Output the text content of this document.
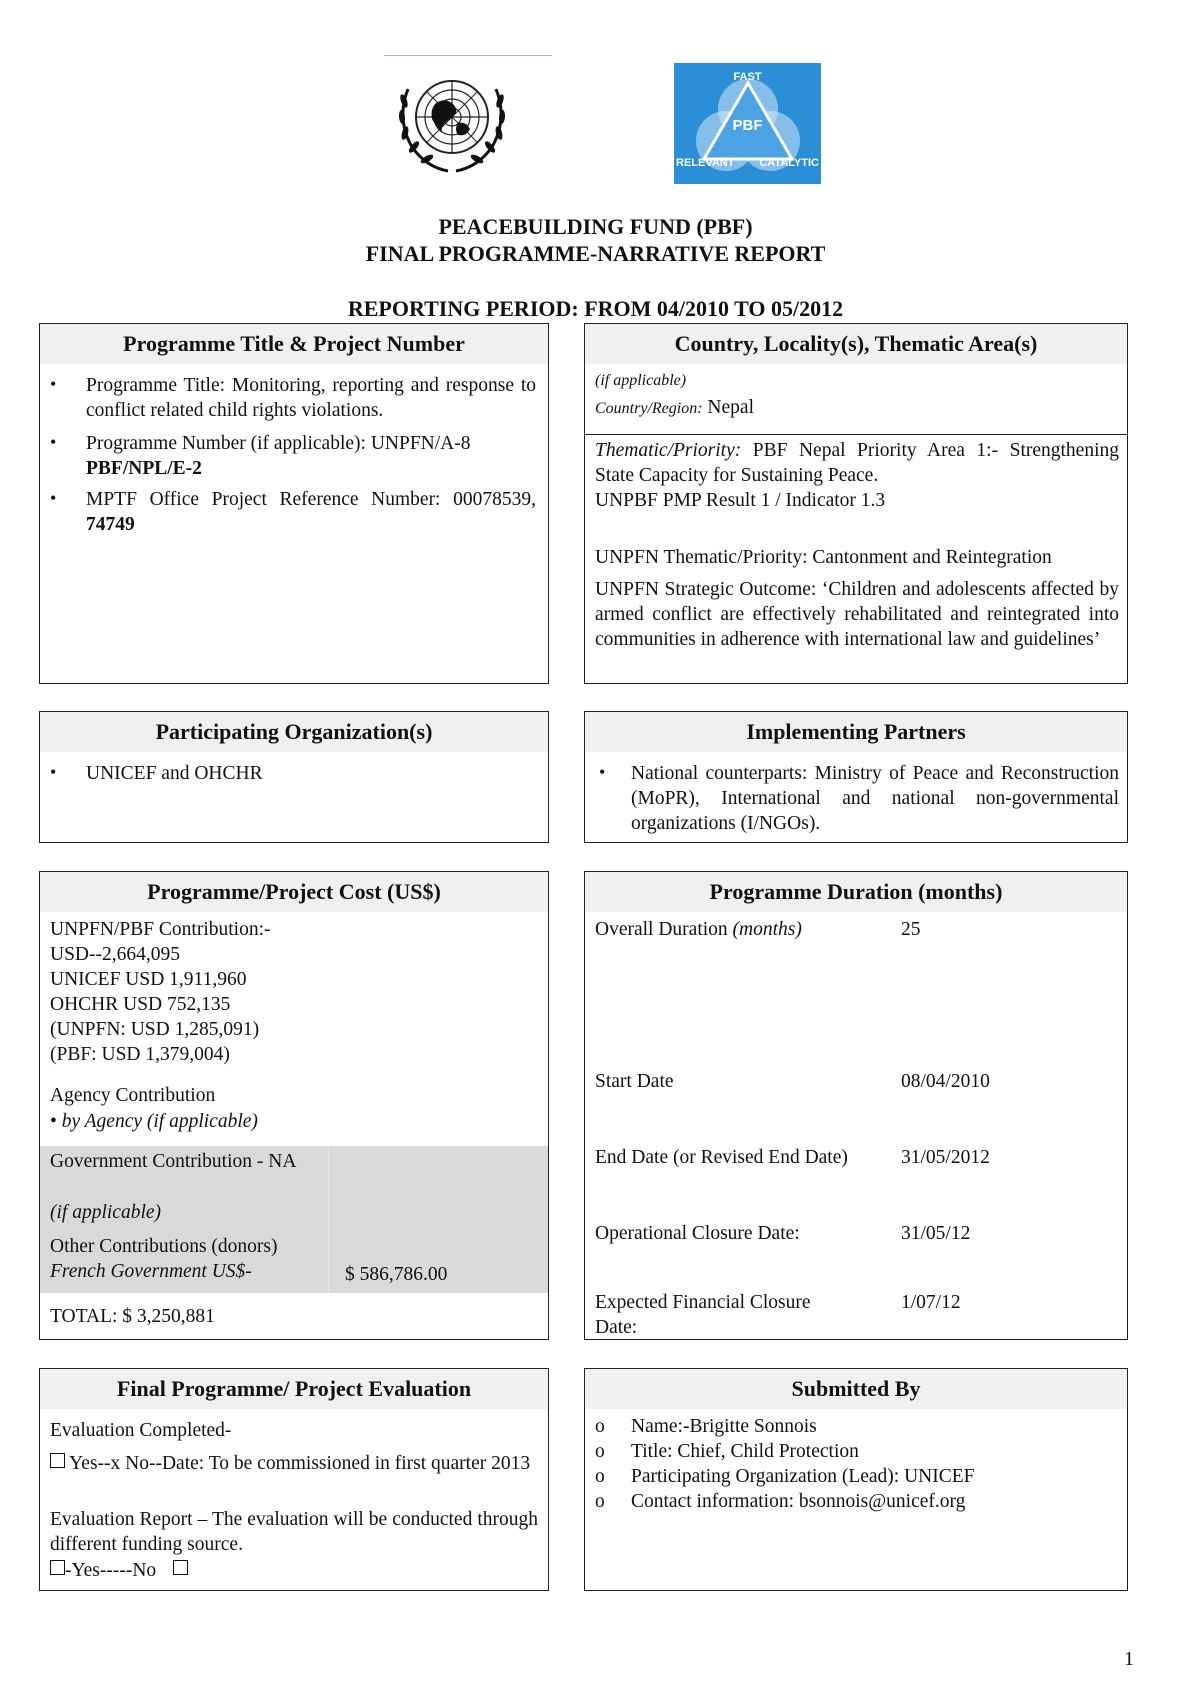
FAST
PBF
RELEVANT CATALYTIC
PEACEBUILDING FUND (PBF)
FINAL PROGRAMME-NARRATIVE REPORT
REPORTING PERIOD: FROM 04/2010 TO 05/2012
Programme Title & Project Number
• Programme Title: Monitoring, reporting and response to conflict related child rights violations.
• Programme Number (if applicable): UNPFN/A-8
PBF/NPL/E-2
• MPTF Office Project Reference Number: 00078539, 74749
Country, Locality(s), Thematic Area(s)
(if applicable)
Country/Region: Nepal
Thematic/Priority: PBF Nepal Priority Area 1:- Strengthening State Capacity for Sustaining Peace.
UNPBF PMP Result 1 / Indicator 1.3
UNPFN Thematic/Priority: Cantonment and Reintegration
UNPFN Strategic Outcome: ‘Children and adolescents affected by armed conflict are effectively rehabilitated and reintegrated into communities in adherence with international law and guidelines’
Participating Organization(s)
• UNICEF and OHCHR
Implementing Partners
• National counterparts: Ministry of Peace and Reconstruction (MoPR), International and national non-governmental organizations (I/NGOs).
Programme/Project Cost (US$)
UNPFN/PBF Contribution:-
USD--2,664,095
UNICEF USD 1,911,960
OHCHR USD 752,135
(UNPFN: USD 1,285,091)
(PBF: USD 1,379,004)
Agency Contribution
• by Agency (if applicable)
Government Contribution - NA
(if applicable)
Other Contributions (donors)
French Government US$-	$ 586,786.00
TOTAL: $ 3,250,881
Programme Duration (months)
Overall Duration (months)	25
Start Date	08/04/2010
End Date (or Revised End Date)	31/05/2012
Operational Closure Date:	31/05/12
Expected Financial Closure Date:
1/07/12
Final Programme/ Project Evaluation
Evaluation Completed-
Yes--x No--Date: To be commissioned in first quarter 2013
Evaluation Report – The evaluation will be conducted through different funding source.
-Yes-----No
Submitted By
o Name:-Brigitte Sonnois
o Title: Chief, Child Protection
o Participating Organization (Lead): UNICEF
o Contact information: bsonnois@unicef.org
1
